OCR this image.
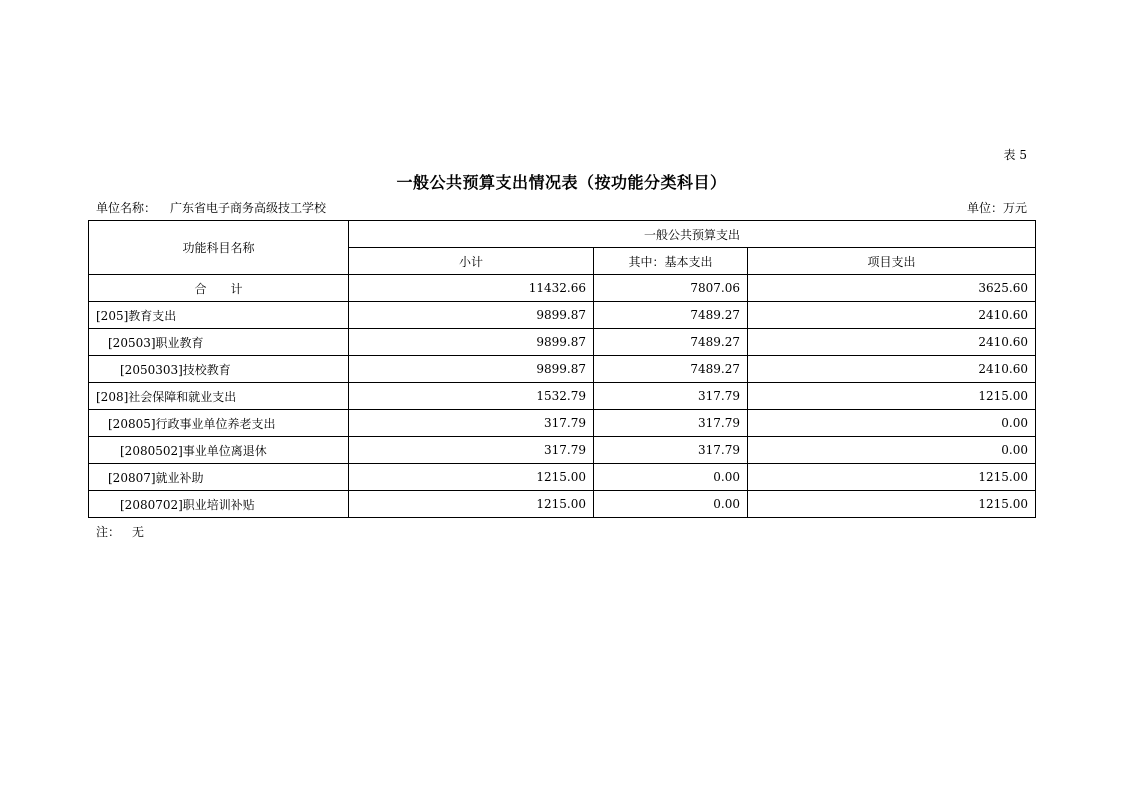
表 5
一般公共预算支出情况表（按功能分类科目）
单位名称： 广东省电子商务高级技工学校	单位：万元
功能科目名称	一般公共预算支出		
	小计	其中：基本支出	项目支出
合计	11432.66	7807.06	3625.60
[205]教育支出	9899.87	7489.27	2410.60
[20503]职业教育	9899.87	7489.27	2410.60
[2050303]技校教育	9899.87	7489.27	2410.60
[208]社会保障和就业支出	1532.79	317.79	1215.00
[20805]行政事业单位养老支出	317.79	317.79	0.00
[2080502]事业单位离退休	317.79	317.79	0.00
[20807]就业补助	1215.00	0.00	1215.00
[2080702]职业培训补贴	1215.00	0.00	1215.00
注： 无
